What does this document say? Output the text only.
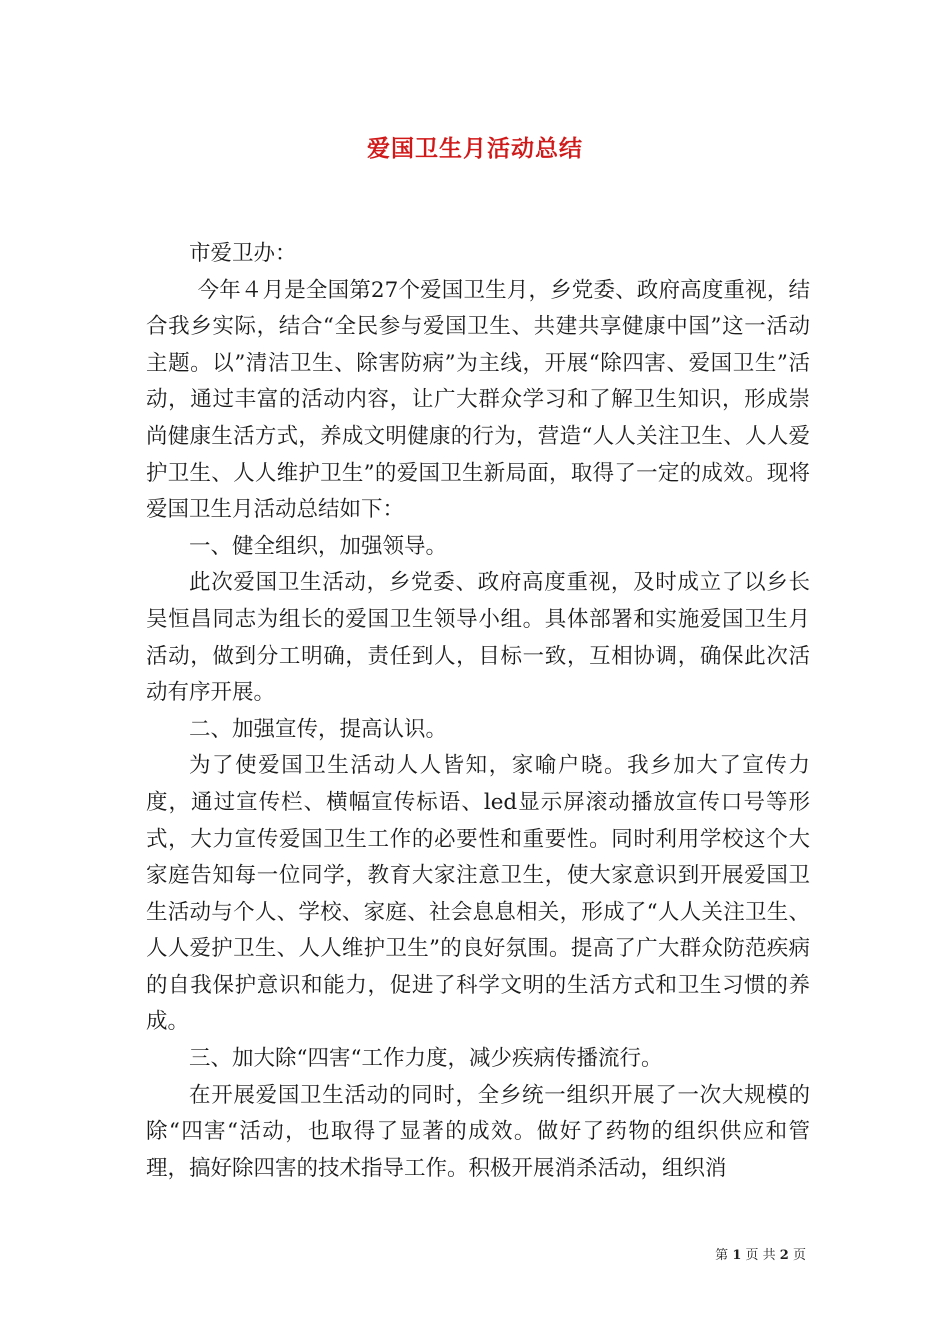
爱国卫生月活动总结

市爱卫办：

今年４月是全国第27个爱国卫生月，乡党委、政府高度重视，结合我乡实际，结合“全民参与爱国卫生、共建共享健康中国”这一活动主题。以”清洁卫生、除害防病”为主线，开展“除四害、爱国卫生”活动，通过丰富的活动内容，让广大群众学习和了解卫生知识，形成崇尚健康生活方式，养成文明健康的行为，营造“人人关注卫生、人人爱护卫生、人人维护卫生”的爱国卫生新局面，取得了一定的成效。现将爱国卫生月活动总结如下：

一、健全组织，加强领导。

此次爱国卫生活动，乡党委、政府高度重视，及时成立了以乡长吴恒昌同志为组长的爱国卫生领导小组。具体部署和实施爱国卫生月活动，做到分工明确，责任到人，目标一致，互相协调，确保此次活动有序开展。

二、加强宣传，提高认识。

为了使爱国卫生活动人人皆知，家喻户晓。我乡加大了宣传力度，通过宣传栏、横幅宣传标语、led显示屏滚动播放宣传口号等形式，大力宣传爱国卫生工作的必要性和重要性。同时利用学校这个大家庭告知每一位同学，教育大家注意卫生，使大家意识到开展爱国卫生活动与个人、学校、家庭、社会息息相关，形成了“人人关注卫生、人人爱护卫生、人人维护卫生”的良好氛围。提高了广大群众防范疾病的自我保护意识和能力，促进了科学文明的生活方式和卫生习惯的养成。

三、加大除“四害“工作力度，减少疾病传播流行。

在开展爱国卫生活动的同时，全乡统一组织开展了一次大规模的除“四害“活动，也取得了显著的成效。做好了药物的组织供应和管理，搞好除四害的技术指导工作。积极开展消杀活动，组织消

第 1 页 共 2 页
